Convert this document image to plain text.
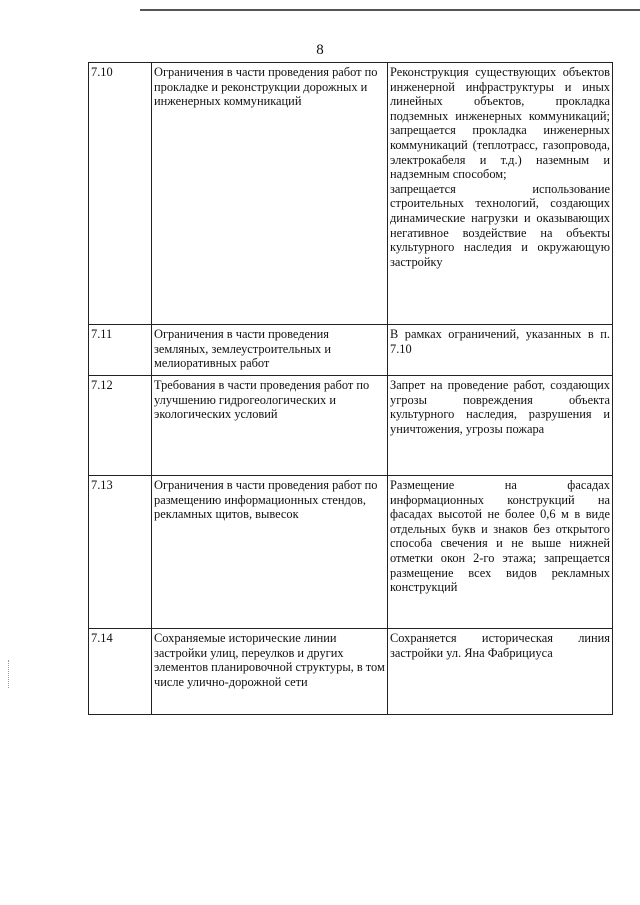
8
7.10	Ограничения в части проведения работ по прокладке и реконструкции дорожных и инженерных коммуникаций	Реконструкция существующих объектов инженерной инфраструктуры и иных линейных объектов, прокладка подземных инженерных коммуникаций; запрещается прокладка инженерных коммуникаций (теплотрасс, газопровода, электрокабеля и т.д.) наземным и надземным способом;

запрещается использование строительных технологий, создающих динамические нагрузки и оказывающих негативное воздействие на объекты культурного наследия и окружающую застройку

7.11	Ограничения в части проведения земляных, землеустроительных и мелиоративных работ	В рамках ограничений, указанных в п. 7.10

7.12	Требования в части проведения работ по улучшению гидрогеологических и экологических условий	Запрет на проведение работ, создающих угрозы повреждения объекта культурного наследия, разрушения и уничтожения, угрозы пожара

7.13	Ограничения в части проведения работ по размещению информационных стендов, рекламных щитов, вывесок	Размещение на фасадах информационных конструкций на фасадах высотой не более 0,6 м в виде отдельных букв и знаков без открытого способа свечения и не выше нижней отметки окон 2-го этажа; запрещается размещение всех видов рекламных конструкций

7.14	Сохраняемые исторические линии застройки улиц, переулков и других элементов планировочной структуры, в том числе улично-дорожной сети	Сохраняется историческая линия застройки ул. Яна Фабрициуса
